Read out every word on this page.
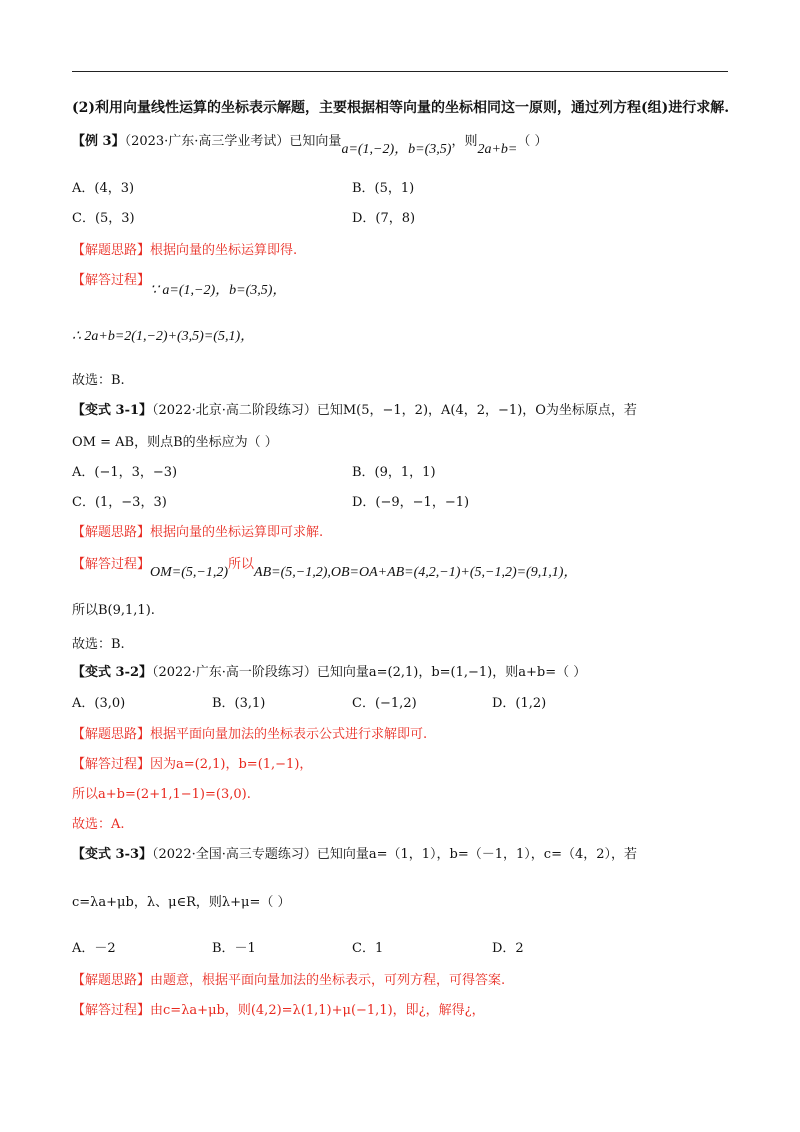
(2)利用向量线性运算的坐标表示解题，主要根据相等向量的坐标相同这一原则，通过列方程(组)进行求解.
【例 3】（2023·广东·高三学业考试）已知向量a=(1,−2)，b=(3,5)，则2a+b=（ ）
A．(4，3)	B．(5，1)
C．(5，3)	D．(7，8)
【解题思路】根据向量的坐标运算即得.
【解答过程】∵ a=(1,−2)，b=(3,5)，
∴ 2a+b=2(1,−2)+(3,5)=(5,1)，
故选：B.
【变式 3-1】（2022·北京·高二阶段练习）已知M(5，−1，2)，A(4，2，−1)，O为坐标原点，若
OM = AB，则点B的坐标应为（ ）
A．(−1，3，−3)	B．(9，1，1)
C．(1，−3，3)	D．(−9，−1，−1)
【解题思路】根据向量的坐标运算即可求解.
【解答过程】OM=(5,−1,2)所以AB=(5,−1,2),OB=OA+AB=(4,2,−1)+(5,−1,2)=(9,1,1)，
所以B(9,1,1).
故选：B.
【变式 3-2】（2022·广东·高一阶段练习）已知向量a=(2,1)，b=(1,−1)，则a+b=（ ）
A．(3,0)	B．(3,1)	C．(−1,2)	D．(1,2)
【解题思路】根据平面向量加法的坐标表示公式进行求解即可.
【解答过程】因为a=(2,1)，b=(1,−1)，
所以a+b=(2+1,1−1)=(3,0).
故选：A.
【变式 3-3】（2022·全国·高三专题练习）已知向量a=（1，1），b=（－1，1），c=（4，2），若
c=λa+μb，λ、μ∈R，则λ+μ=（ ）
A．－2	B．－1	C．1	D．2
【解题思路】由题意，根据平面向量加法的坐标表示，可列方程，可得答案.
【解答过程】由c=λa+μb，则(4,2)=λ(1,1)+μ(−1,1)，即¿，解得¿，
